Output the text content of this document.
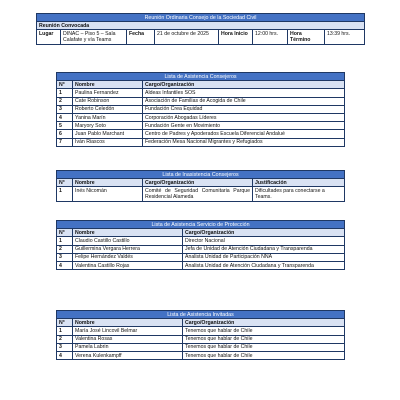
Reunión Ordinaria Consejo de la Sociedad Civil
Reunión Convocada
Lugar	DINAC – Piso 5 – Sala Calafate y vía Teams	Fecha	21 de octubre de 2025	Hora Inicio	12:00 hrs.	Hora Término	13:39 hrs.
Lista de Asistencia Consejeros		
N°	Nombre	Cargo/Organización
1	Paulina Fernandez	Aldeas Infantiles SOS
2	Cate Robinson	Asociación de Familias de Acogida de Chile
3	Roberto Celedón	Fundación Crea Equidad
4	Yanina Marín	Corporación Abogadas Líderes
5	Maryory Soto	Fundación Gente en Movimiento
6	Juan Pablo Marchant	Centro de Padres y Apoderados Escuela Diferencial Andalué
7	Iván Riascos	Federación Mesa Nacional Migrantes y Refugiados
Lista de Inasistencia Consejeros			
N°	Nombre	Cargo/Organización	Justificación
1	Inés Nicomán	Comité de Seguridad Comunitaria Parque Residencial Alameda	Dificultades para conectarse a Teams.
Lista de Asistencia Servicio de Protección		
N°	Nombre	Cargo/Organización
1	Claudio Castillo Castillo	Director Nacional
2	Guillermina Vergara Herrera	Jefa de Unidad de Atención Ciudadana y Transparenda
3	Felipe Hernández Valdés	Analista Unidad de Participación NNA
4	Valentina Castillo Rojas	Analista Unidad de Atención Ciudadana y Transparenda
Lista de Asistencia Invitadas		
N°	Nombre	Cargo/Organización
1	María José Lincovil Belmar	Tenemos que hablar de Chile
2	Valentina Rosas	Tenemos que hablar de Chile
3	Pamela Labrin	Tenemos que hablar de Chile
4	Verena Kulenkampff	Tenemos que hablar de Chile
